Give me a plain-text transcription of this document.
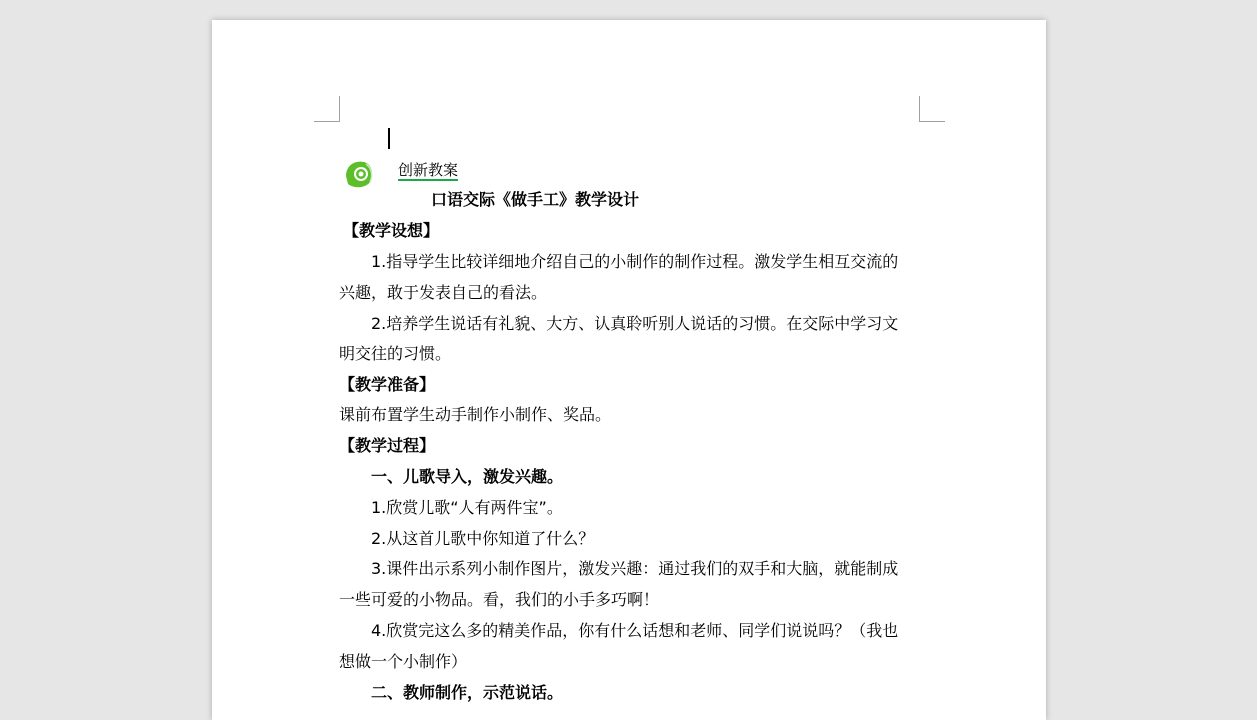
创新教案
口语交际《做手工》教学设计
【教学设想】
1.指导学生比较详细地介绍自己的小制作的制作过程。激发学生相互交流的
兴趣，敢于发表自己的看法。
2.培养学生说话有礼貌、大方、认真聆听别人说话的习惯。在交际中学习文
明交往的习惯。
【教学准备】
课前布置学生动手制作小制作、奖品。
【教学过程】
一、儿歌导入，激发兴趣。
1.欣赏儿歌“人有两件宝”。
2.从这首儿歌中你知道了什么？
3.课件出示系列小制作图片，激发兴趣：通过我们的双手和大脑，就能制成
一些可爱的小物品。看，我们的小手多巧啊！
4.欣赏完这么多的精美作品，你有什么话想和老师、同学们说说吗？（我也
想做一个小制作）
二、教师制作，示范说话。
